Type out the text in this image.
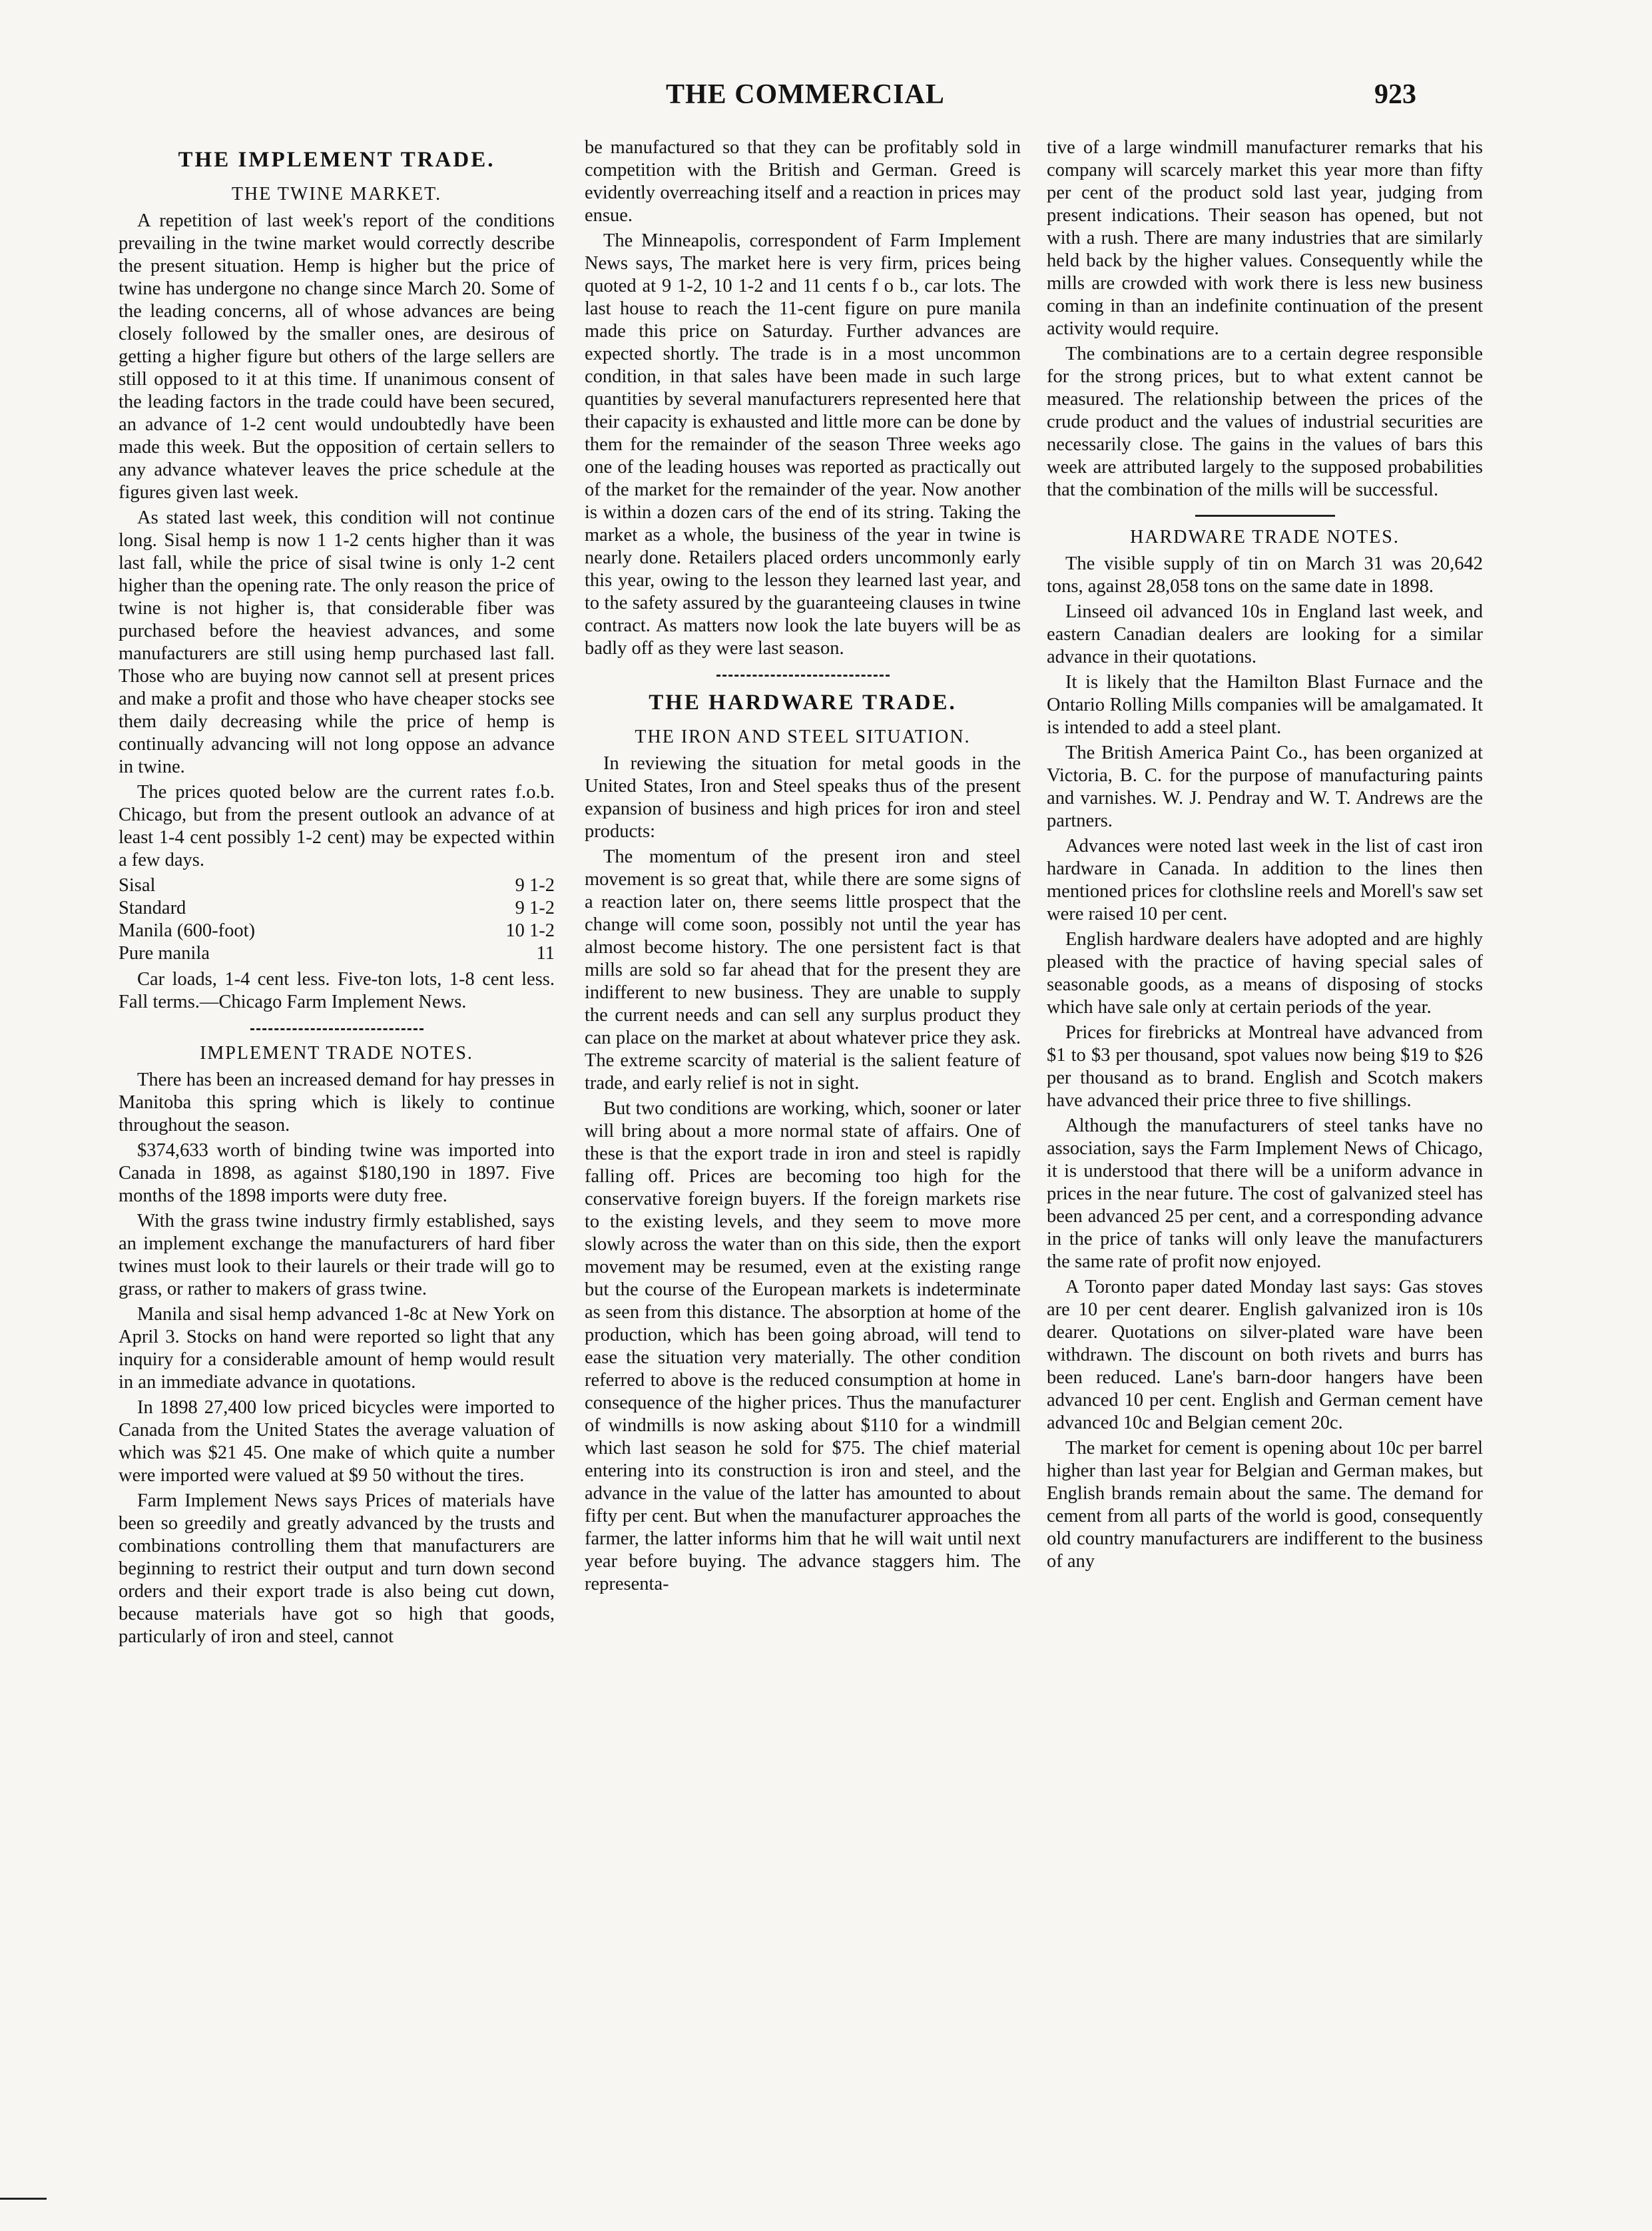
THE COMMERCIAL	923
THE IMPLEMENT TRADE.
THE TWINE MARKET.

A repetition of last week's report of the conditions prevailing in the twine market would correctly describe the present situation. Hemp is higher but the price of twine has undergone no change since March 20. Some of the leading concerns, all of whose advances are being closely followed by the smaller ones, are desirous of getting a higher figure but others of the large sellers are still opposed to it at this time. If unanimous consent of the leading factors in the trade could have been secured, an advance of 1-2 cent would undoubtedly have been made this week. But the opposition of certain sellers to any advance whatever leaves the price schedule at the figures given last week.

As stated last week, this condition will not continue long. Sisal hemp is now 1 1-2 cents higher than it was last fall, while the price of sisal twine is only 1-2 cent higher than the opening rate. The only reason the price of twine is not higher is, that considerable fiber was purchased before the heaviest advances, and some manufacturers are still using hemp purchased last fall. Those who are buying now cannot sell at present prices and make a profit and those who have cheaper stocks see them daily decreasing while the price of hemp is continually advancing will not long oppose an advance in twine.

The prices quoted below are the current rates f.o.b. Chicago, but from the present outlook an advance of at least 1-4 cent possibly 1-2 cent) may be expected within a few days.

Sisal		9 1-2
Standard		9 1-2
Manila (600-foot)		10 1-2
Pure manila		11

Car loads, 1-4 cent less. Five-ton lots, 1-8 cent less. Fall terms.—Chicago Farm Implement News.

IMPLEMENT TRADE NOTES.

There has been an increased demand for hay presses in Manitoba this spring which is likely to continue throughout the season.

$374,633 worth of binding twine was imported into Canada in 1898, as against $180,190 in 1897. Five months of the 1898 imports were duty free.

With the grass twine industry firmly established, says an implement exchange the manufacturers of hard fiber twines must look to their laurels or their trade will go to grass, or rather to makers of grass twine.

Manila and sisal hemp advanced 1-8c at New York on April 3. Stocks on hand were reported so light that any inquiry for a considerable amount of hemp would result in an immediate advance in quotations.

In 1898 27,400 low priced bicycles were imported to Canada from the United States the average valuation of which was $21 45. One make of which quite a number were imported were valued at $9 50 without the tires.

Farm Implement News says Prices of materials have been so greedily and greatly advanced by the trusts and combinations controlling them that manufacturers are beginning to restrict their output and turn down second orders and their export trade is also being cut down, because materials have got so high that goods, particularly of iron and steel, cannot

be manufactured so that they can be profitably sold in competition with the British and German. Greed is evidently overreaching itself and a reaction in prices may ensue.

The Minneapolis, correspondent of Farm Implement News says, The market here is very firm, prices being quoted at 9 1-2, 10 1-2 and 11 cents f o b., car lots. The last house to reach the 11-cent figure on pure manila made this price on Saturday. Further advances are expected shortly. The trade is in a most uncommon condition, in that sales have been made in such large quantities by several manufacturers represented here that their capacity is exhausted and little more can be done by them for the remainder of the season Three weeks ago one of the leading houses was reported as practically out of the market for the remainder of the year. Now another is within a dozen cars of the end of its string. Taking the market as a whole, the business of the year in twine is nearly done. Retailers placed orders uncommonly early this year, owing to the lesson they learned last year, and to the safety assured by the guaranteeing clauses in twine contract. As matters now look the late buyers will be as badly off as they were last season.

THE HARDWARE TRADE.
THE IRON AND STEEL SITUATION.

In reviewing the situation for metal goods in the United States, Iron and Steel speaks thus of the present expansion of business and high prices for iron and steel products:

The momentum of the present iron and steel movement is so great that, while there are some signs of a reaction later on, there seems little prospect that the change will come soon, possibly not until the year has almost become history. The one persistent fact is that mills are sold so far ahead that for the present they are indifferent to new business. They are unable to supply the current needs and can sell any surplus product they can place on the market at about whatever price they ask. The extreme scarcity of material is the salient feature of trade, and early relief is not in sight.

But two conditions are working, which, sooner or later will bring about a more normal state of affairs. One of these is that the export trade in iron and steel is rapidly falling off. Prices are becoming too high for the conservative foreign buyers. If the foreign markets rise to the existing levels, and they seem to move more slowly across the water than on this side, then the export movement may be resumed, even at the existing range but the course of the European markets is indeterminate as seen from this distance. The absorption at home of the production, which has been going abroad, will tend to ease the situation very materially. The other condition referred to above is the reduced consumption at home in consequence of the higher prices. Thus the manufacturer of windmills is now asking about $110 for a windmill which last season he sold for $75. The chief material entering into its construction is iron and steel, and the advance in the value of the latter has amounted to about fifty per cent. But when the manufacturer approaches the farmer, the latter informs him that he will wait until next year before buying. The advance staggers him. The representa-

tive of a large windmill manufacturer remarks that his company will scarcely market this year more than fifty per cent of the product sold last year, judging from present indications. Their season has opened, but not with a rush. There are many industries that are similarly held back by the higher values. Consequently while the mills are crowded with work there is less new business coming in than an indefinite continuation of the present activity would require.

The combinations are to a certain degree responsible for the strong prices, but to what extent cannot be measured. The relationship between the prices of the crude product and the values of industrial securities are necessarily close. The gains in the values of bars this week are attributed largely to the supposed probabilities that the combination of the mills will be successful.

HARDWARE TRADE NOTES.

The visible supply of tin on March 31 was 20,642 tons, against 28,058 tons on the same date in 1898.

Linseed oil advanced 10s in England last week, and eastern Canadian dealers are looking for a similar advance in their quotations.

It is likely that the Hamilton Blast Furnace and the Ontario Rolling Mills companies will be amalgamated. It is intended to add a steel plant.

The British America Paint Co., has been organized at Victoria, B. C. for the purpose of manufacturing paints and varnishes. W. J. Pendray and W. T. Andrews are the partners.

Advances were noted last week in the list of cast iron hardware in Canada. In addition to the lines then mentioned prices for clothsline reels and Morell's saw set were raised 10 per cent.

English hardware dealers have adopted and are highly pleased with the practice of having special sales of seasonable goods, as a means of disposing of stocks which have sale only at certain periods of the year.

Prices for firebricks at Montreal have advanced from $1 to $3 per thousand, spot values now being $19 to $26 per thousand as to brand. English and Scotch makers have advanced their price three to five shillings.

Although the manufacturers of steel tanks have no association, says the Farm Implement News of Chicago, it is understood that there will be a uniform advance in prices in the near future. The cost of galvanized steel has been advanced 25 per cent, and a corresponding advance in the price of tanks will only leave the manufacturers the same rate of profit now enjoyed.

A Toronto paper dated Monday last says: Gas stoves are 10 per cent dearer. English galvanized iron is 10s dearer. Quotations on silver-plated ware have been withdrawn. The discount on both rivets and burrs has been reduced. Lane's barn-door hangers have been advanced 10 per cent. English and German cement have advanced 10c and Belgian cement 20c.

The market for cement is opening about 10c per barrel higher than last year for Belgian and German makes, but English brands remain about the same. The demand for cement from all parts of the world is good, consequently old country manufacturers are indifferent to the business of any
